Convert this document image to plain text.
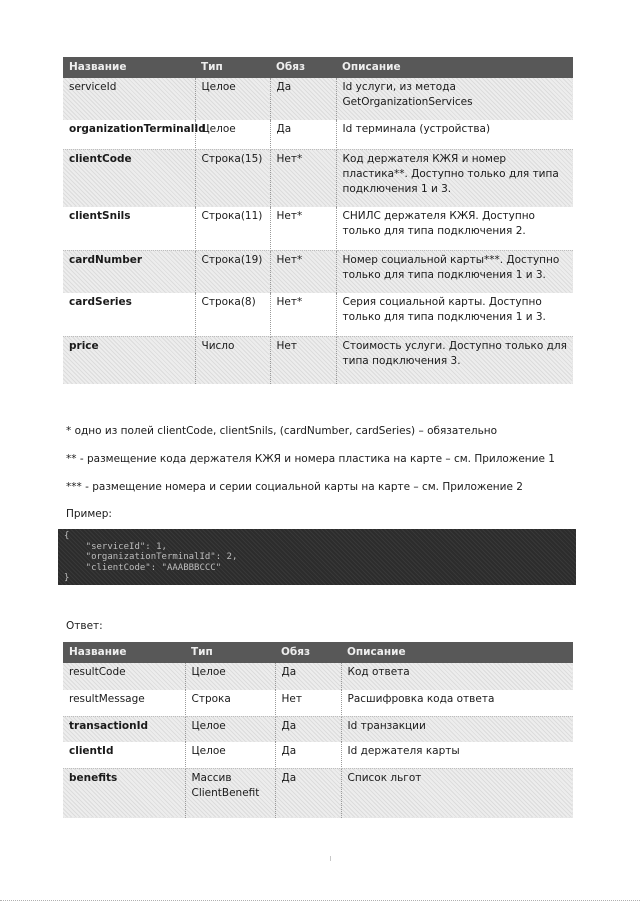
Название	Тип	Обяз	Описание
serviceId	Целое	Да	Id услуги, из метода GetOrganizationServices
organizationTerminalId	Целое	Да	Id терминала (устройства)
clientCode	Строка(15)	Нет*	Код держателя КЖЯ и номер пластика**. Доступно только для типа подключения 1 и 3.
clientSnils	Строка(11)	Нет*	СНИЛС держателя КЖЯ. Доступно только для типа подключения 2.
cardNumber	Строка(19)	Нет*	Номер социальной карты***. Доступно только для типа подключения 1 и 3.
cardSeries	Строка(8)	Нет*	Серия социальной карты. Доступно только для типа подключения 1 и 3.
price	Число	Нет	Стоимость услуги. Доступно только для типа подключения 3.
* одно из полей clientCode, clientSnils, (cardNumber, cardSeries) – обязательно
** - размещение кода держателя КЖЯ и номера пластика на карте – см. Приложение 1
*** - размещение номера и серии социальной карты на карте – см. Приложение 2
Пример:
{
"serviceId": 1,
"organizationTerminalId": 2,
"clientCode": "AAABBBCCC"
}
Ответ:
Название	Тип	Обяз	Описание
resultCode	Целое	Да	Код ответа
resultMessage	Строка	Нет	Расшифровка кода ответа
transactionId	Целое	Да	Id транзакции
clientId	Целое	Да	Id держателя карты
benefits	Массив ClientBenefit	Да	Список льгот
